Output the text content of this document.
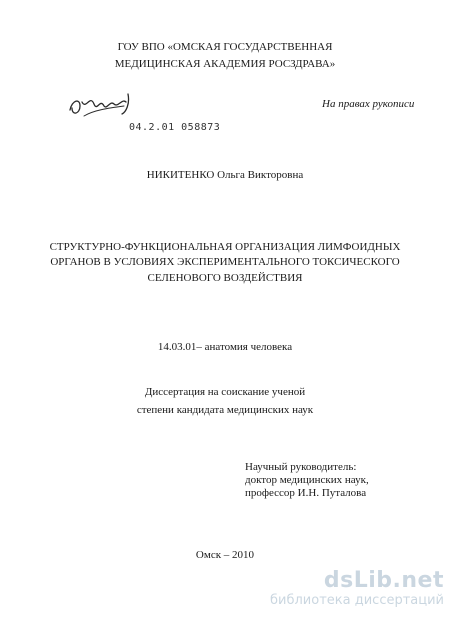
ГОУ ВПО «ОМСКАЯ ГОСУДАРСТВЕННАЯ
МЕДИЦИНСКАЯ АКАДЕМИЯ РОСЗДРАВА»
04.2.01 058873
На правах рукописи
НИКИТЕНКО Ольга Викторовна
СТРУКТУРНО-ФУНКЦИОНАЛЬНАЯ ОРГАНИЗАЦИЯ ЛИМФОИДНЫХ
ОРГАНОВ В УСЛОВИЯХ ЭКСПЕРИМЕНТАЛЬНОГО ТОКСИЧЕСКОГО
СЕЛЕНОВОГО ВОЗДЕЙСТВИЯ
14.03.01– анатомия человека
Диссертация на соискание ученой
степени кандидата медицинских наук
Научный руководитель:
доктор медицинских наук,
профессор И.Н. Путалова
Омск – 2010
dsLib.net
библиотека диссертаций
